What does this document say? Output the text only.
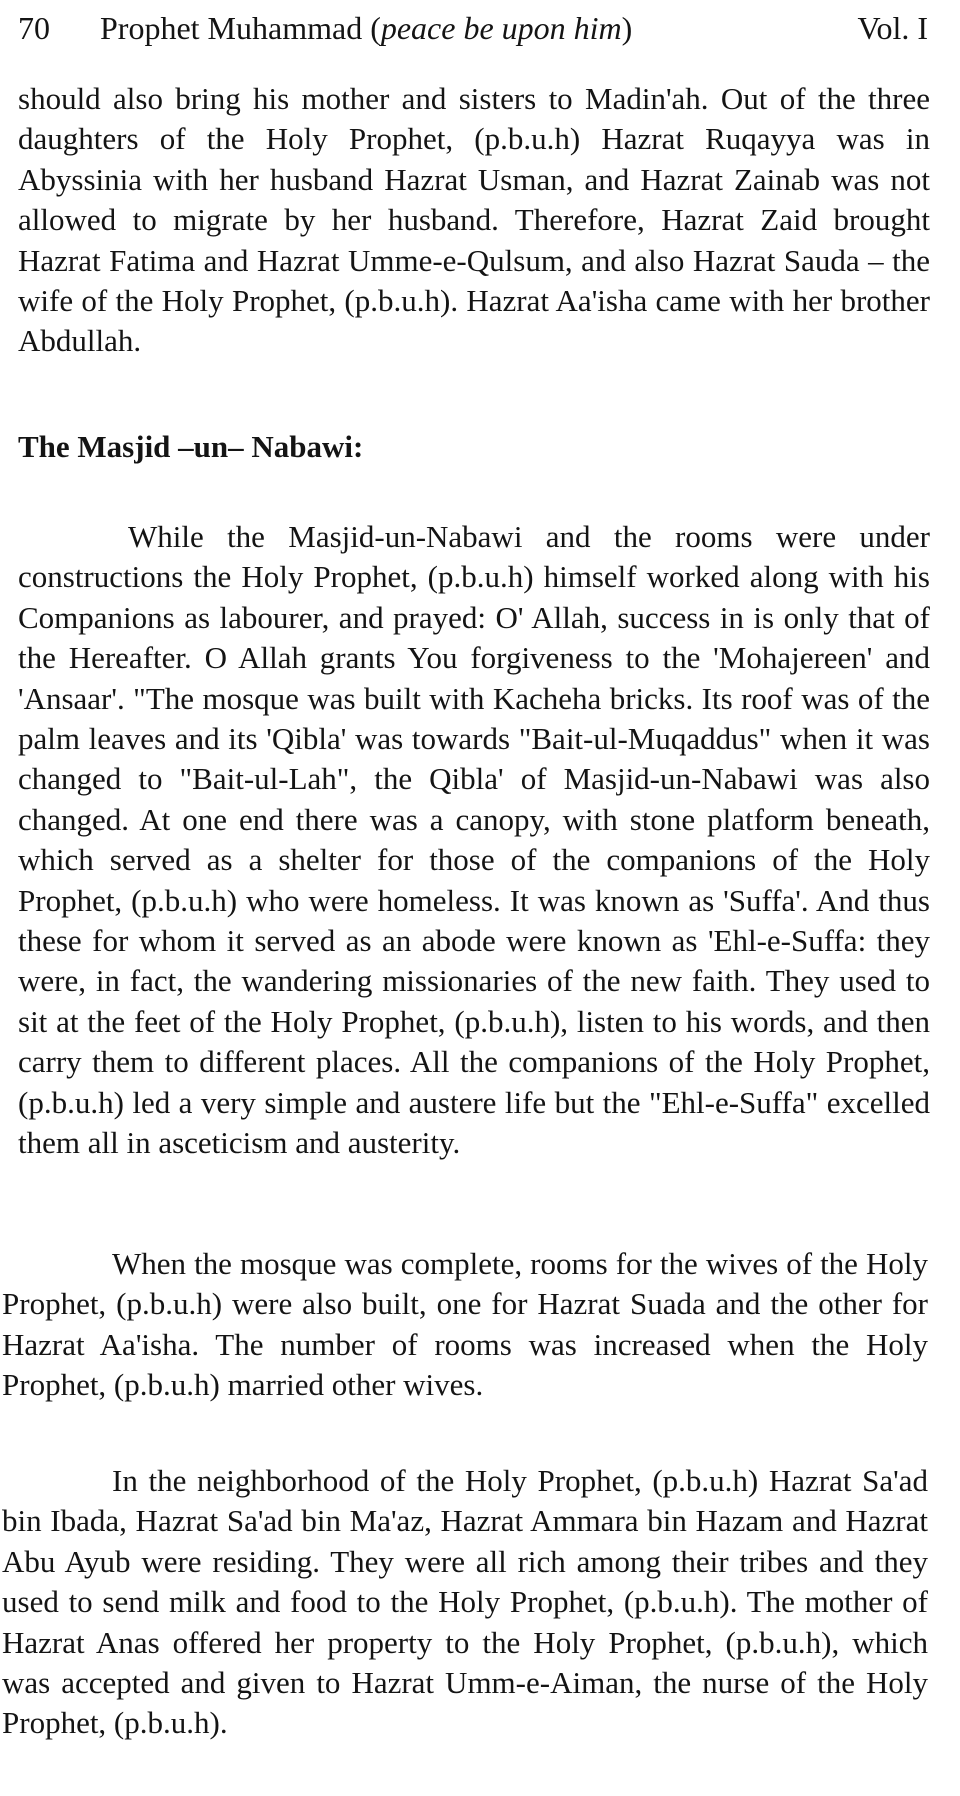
70 Prophet Muhammad (peace be upon him)	Vol. I

should also bring his mother and sisters to Madin'ah. Out of the three daughters of the Holy Prophet, (p.b.u.h) Hazrat Ruqayya was in Abyssinia with her husband Hazrat Usman, and Hazrat Zainab was not allowed to migrate by her husband. Therefore, Hazrat Zaid brought Hazrat Fatima and Hazrat Umme-e-Qulsum, and also Hazrat Sauda – the wife of the Holy Prophet, (p.b.u.h). Hazrat Aa'isha came with her brother Abdullah.

The Masjid –un– Nabawi:

While the Masjid-un-Nabawi and the rooms were under constructions the Holy Prophet, (p.b.u.h) himself worked along with his Companions as labourer, and prayed: O' Allah, success in is only that of the Hereafter. O Allah grants You forgiveness to the 'Mohajereen' and 'Ansaar'. "The mosque was built with Kacheha bricks. Its roof was of the palm leaves and its 'Qibla' was towards "Bait-ul-Muqaddus" when it was changed to "Bait-ul-Lah", the Qibla' of Masjid-un-Nabawi was also changed. At one end there was a canopy, with stone platform beneath, which served as a shelter for those of the companions of the Holy Prophet, (p.b.u.h) who were homeless. It was known as 'Suffa'. And thus these for whom it served as an abode were known as 'Ehl-e-Suffa: they were, in fact, the wandering missionaries of the new faith. They used to sit at the feet of the Holy Prophet, (p.b.u.h), listen to his words, and then carry them to different places. All the companions of the Holy Prophet, (p.b.u.h) led a very simple and austere life but the "Ehl-e-Suffa" excelled them all in asceticism and austerity.

When the mosque was complete, rooms for the wives of the Holy Prophet, (p.b.u.h) were also built, one for Hazrat Suada and the other for Hazrat Aa'isha. The number of rooms was increased when the Holy Prophet, (p.b.u.h) married other wives.

In the neighborhood of the Holy Prophet, (p.b.u.h) Hazrat Sa'ad bin Ibada, Hazrat Sa'ad bin Ma'az, Hazrat Ammara bin Hazam and Hazrat Abu Ayub were residing. They were all rich among their tribes and they used to send milk and food to the Holy Prophet, (p.b.u.h). The mother of Hazrat Anas offered her property to the Holy Prophet, (p.b.u.h), which was accepted and given to Hazrat Umm-e-Aiman, the nurse of the Holy Prophet, (p.b.u.h).
